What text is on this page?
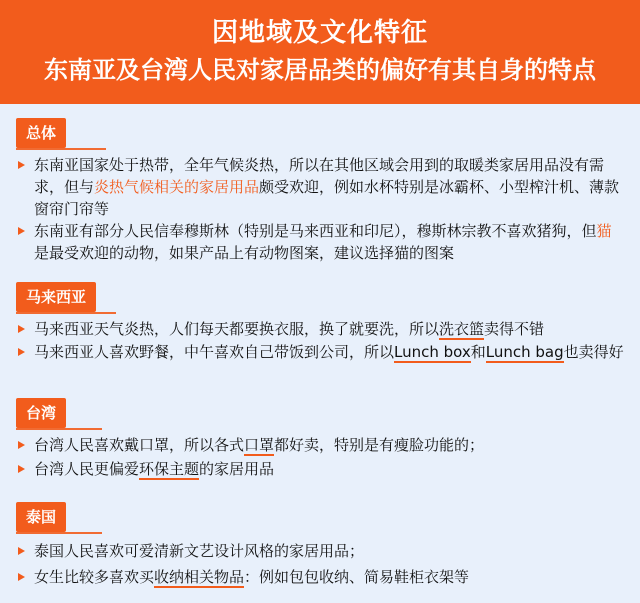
因地域及文化特征
东南亚及台湾人民对家居品类的偏好有其自身的特点
总体
东南亚国家处于热带，全年气候炎热，所以在其他区域会用到的取暖类家居用品没有需求，但与炎热气候相关的家居用品颇受欢迎，例如水杯特别是冰霸杯、小型榨汁机、薄款窗帘门帘等
东南亚有部分人民信奉穆斯林（特别是马来西亚和印尼），穆斯林宗教不喜欢猪狗，但猫是最受欢迎的动物，如果产品上有动物图案，建议选择猫的图案
马来西亚
马来西亚天气炎热，人们每天都要换衣服，换了就要洗，所以洗衣篮卖得不错
马来西亚人喜欢野餐，中午喜欢自己带饭到公司，所以Lunch box和Lunch bag也卖得好
台湾
台湾人民喜欢戴口罩，所以各式口罩都好卖，特别是有瘦脸功能的；
台湾人民更偏爱环保主题的家居用品
泰国
泰国人民喜欢可爱清新文艺设计风格的家居用品；
女生比较多喜欢买收纳相关物品：例如包包收纳、简易鞋柜衣架等
